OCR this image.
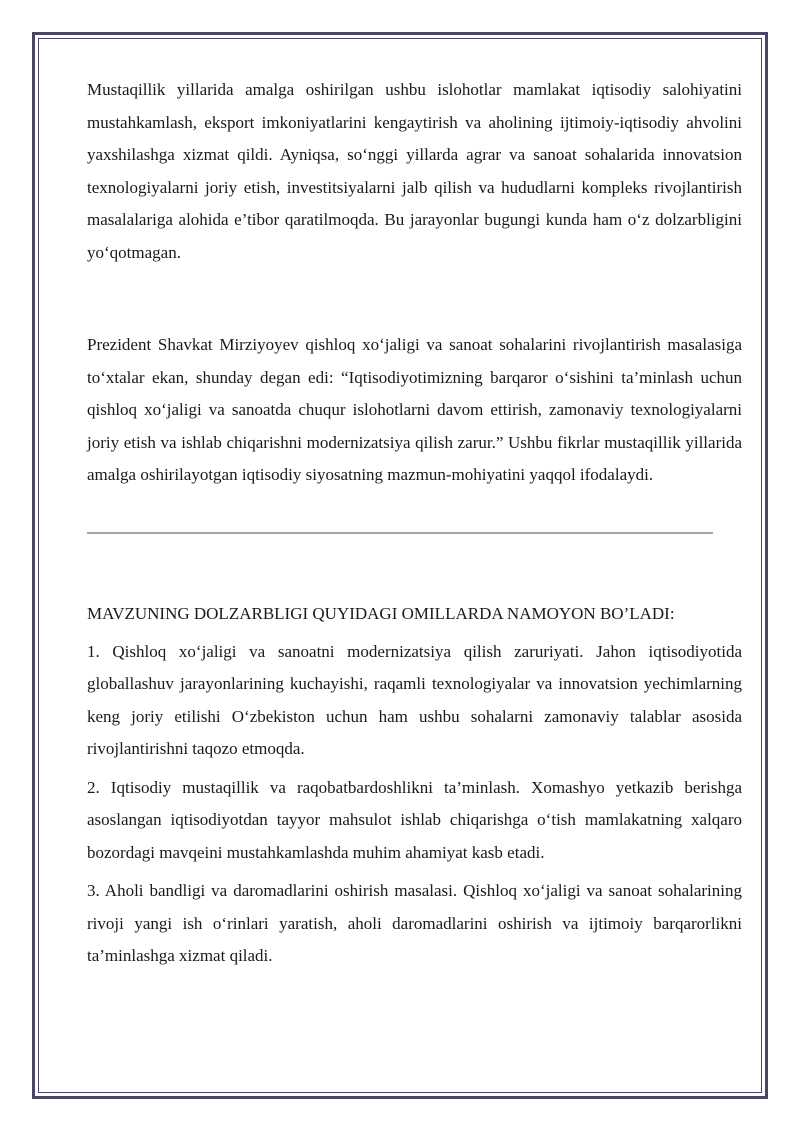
Mustaqillik yillarida amalga oshirilgan ushbu islohotlar mamlakat iqtisodiy salohiyatini mustahkamlash, eksport imkoniyatlarini kengaytirish va aholining ijtimoiy-iqtisodiy ahvolini yaxshilashga xizmat qildi. Ayniqsa, so‘nggi yillarda agrar va sanoat sohalarida innovatsion texnologiyalarni joriy etish, investitsiyalarni jalb qilish va hududlarni kompleks rivojlantirish masalalariga alohida e’tibor qaratilmoqda. Bu jarayonlar bugungi kunda ham o‘z dolzarbligini yo‘qotmagan.

Prezident Shavkat Mirziyoyev qishloq xo‘jaligi va sanoat sohalarini rivojlantirish masalasiga to‘xtalar ekan, shunday degan edi: “Iqtisodiyotimizning barqaror o‘sishini ta’minlash uchun qishloq xo‘jaligi va sanoatda chuqur islohotlarni davom ettirish, zamonaviy texnologiyalarni joriy etish va ishlab chiqarishni modernizatsiya qilish zarur.” Ushbu fikrlar mustaqillik yillarida amalga oshirilayotgan iqtisodiy siyosatning mazmun-mohiyatini yaqqol ifodalaydi.

MAVZUNING DOLZARBLIGI QUYIDAGI OMILLARDA NAMOYON BO’LADI:

1. Qishloq xo‘jaligi va sanoatni modernizatsiya qilish zaruriyati. Jahon iqtisodiyotida globallashuv jarayonlarining kuchayishi, raqamli texnologiyalar va innovatsion yechimlarning keng joriy etilishi O‘zbekiston uchun ham ushbu sohalarni zamonaviy talablar asosida rivojlantirishni taqozo etmoqda.

2. Iqtisodiy mustaqillik va raqobatbardoshlikni ta’minlash. Xomashyo yetkazib berishga asoslangan iqtisodiyotdan tayyor mahsulot ishlab chiqarishga o‘tish mamlakatning xalqaro bozordagi mavqeini mustahkamlashda muhim ahamiyat kasb etadi.

3. Aholi bandligi va daromadlarini oshirish masalasi. Qishloq xo‘jaligi va sanoat sohalarining rivoji yangi ish o‘rinlari yaratish, aholi daromadlarini oshirish va ijtimoiy barqarorlikni ta’minlashga xizmat qiladi.
